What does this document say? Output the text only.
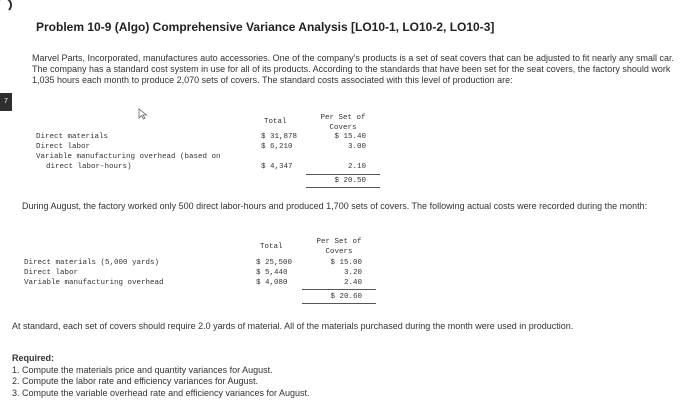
7
Problem 10-9 (Algo) Comprehensive Variance Analysis [LO10-1, LO10-2, LO10-3]
Marvel Parts, Incorporated, manufactures auto accessories. One of the company's products is a set of seat covers that can be adjusted to fit nearly any small car. The company has a standard cost system in use for all of its products. According to the standards that have been set for the seat covers, the factory should work 1,035 hours each month to produce 2,070 sets of covers. The standard costs associated with this level of production are:
Total	Per Set of
Covers
Direct materials
Direct labor
Variable manufacturing overhead (based on
direct labor-hours)
$ 31,878
$ 6,210
$ 4,347
$ 15.40
3.00
2.10
$ 20.50
During August, the factory worked only 500 direct labor-hours and produced 1,700 sets of covers. The following actual costs were recorded during the month:
Total
Per Set of
Covers
Direct materials (5,000 yards)
Direct labor
Variable manufacturing overhead
$ 25,500
$ 5,440
$ 4,080
$ 15.00
3.20
2.40
$ 20.60
At standard, each set of covers should require 2.0 yards of material. All of the materials purchased during the month were used in production.
Required:
1. Compute the materials price and quantity variances for August.
2. Compute the labor rate and efficiency variances for August.
3. Compute the variable overhead rate and efficiency variances for August.
